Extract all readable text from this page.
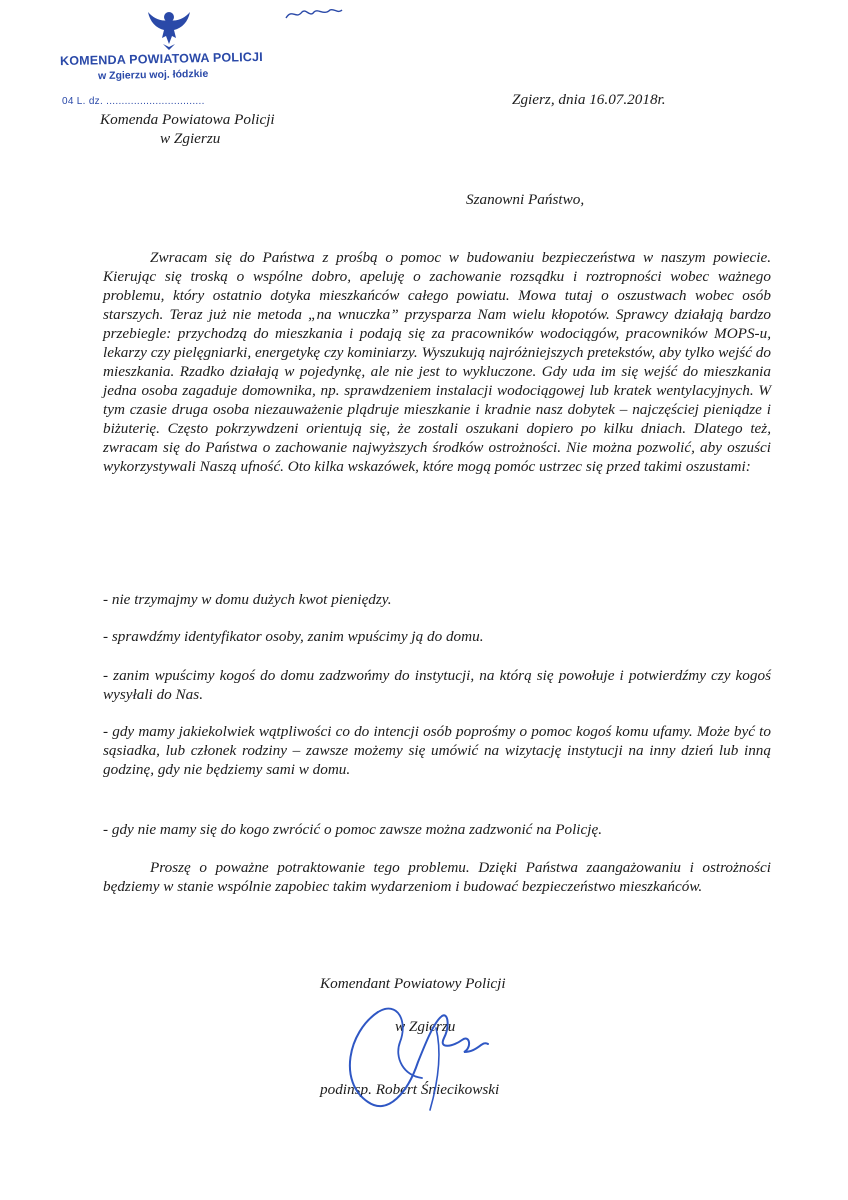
KOMENDA POWIATOWA POLICJI
w Zgierzu woj. łódzkie
04 L. dz. ................................
Komenda Powiatowa Policji
w Zgierzu
Zgierz, dnia 16.07.2018r.
Szanowni Państwo,
Zwracam się do Państwa z prośbą o pomoc w budowaniu bezpieczeństwa w naszym powiecie. Kierując się troską o wspólne dobro, apeluję o zachowanie rozsądku i roztropności wobec ważnego problemu, który ostatnio dotyka mieszkańców całego powiatu. Mowa tutaj o oszustwach wobec osób starszych. Teraz już nie metoda „na wnuczka” przysparza Nam wielu kłopotów. Sprawcy działają bardzo przebiegle: przychodzą do mieszkania i podają się za pracowników wodociągów, pracowników MOPS-u, lekarzy czy pielęgniarki, energetykę czy kominiarzy. Wyszukują najróżniejszych pretekstów, aby tylko wejść do mieszkania. Rzadko działają w pojedynkę, ale nie jest to wykluczone. Gdy uda im się wejść do mieszkania jedna osoba zagaduje domownika, np. sprawdzeniem instalacji wodociągowej lub kratek wentylacyjnych. W tym czasie druga osoba niezauważenie plądruje mieszkanie i kradnie nasz dobytek – najczęściej pieniądze i biżuterię. Często pokrzywdzeni orientują się, że zostali oszukani dopiero po kilku dniach. Dlatego też, zwracam się do Państwa o zachowanie najwyższych środków ostrożności. Nie można pozwolić, aby oszuści wykorzystywali Naszą ufność. Oto kilka wskazówek, które mogą pomóc ustrzec się przed takimi oszustami:
- nie trzymajmy w domu dużych kwot pieniędzy.
- sprawdźmy identyfikator osoby, zanim wpuścimy ją do domu.
- zanim wpuścimy kogoś do domu zadzwońmy do instytucji, na którą się powołuje i potwierdźmy czy kogoś wysyłali do Nas.
- gdy mamy jakiekolwiek wątpliwości co do intencji osób poprośmy o pomoc kogoś komu ufamy. Może być to sąsiadka, lub członek rodziny – zawsze możemy się umówić na wizytację instytucji na inny dzień lub inną godzinę, gdy nie będziemy sami w domu.
- gdy nie mamy się do kogo zwrócić o pomoc zawsze można zadzwonić na Policję.
Proszę o poważne potraktowanie tego problemu. Dzięki Państwa zaangażowaniu i ostrożności będziemy w stanie wspólnie zapobiec takim wydarzeniom i budować bezpieczeństwo mieszkańców.
Komendant Powiatowy Policji
w Zgierzu
podinsp. Robert Śniecikowski
